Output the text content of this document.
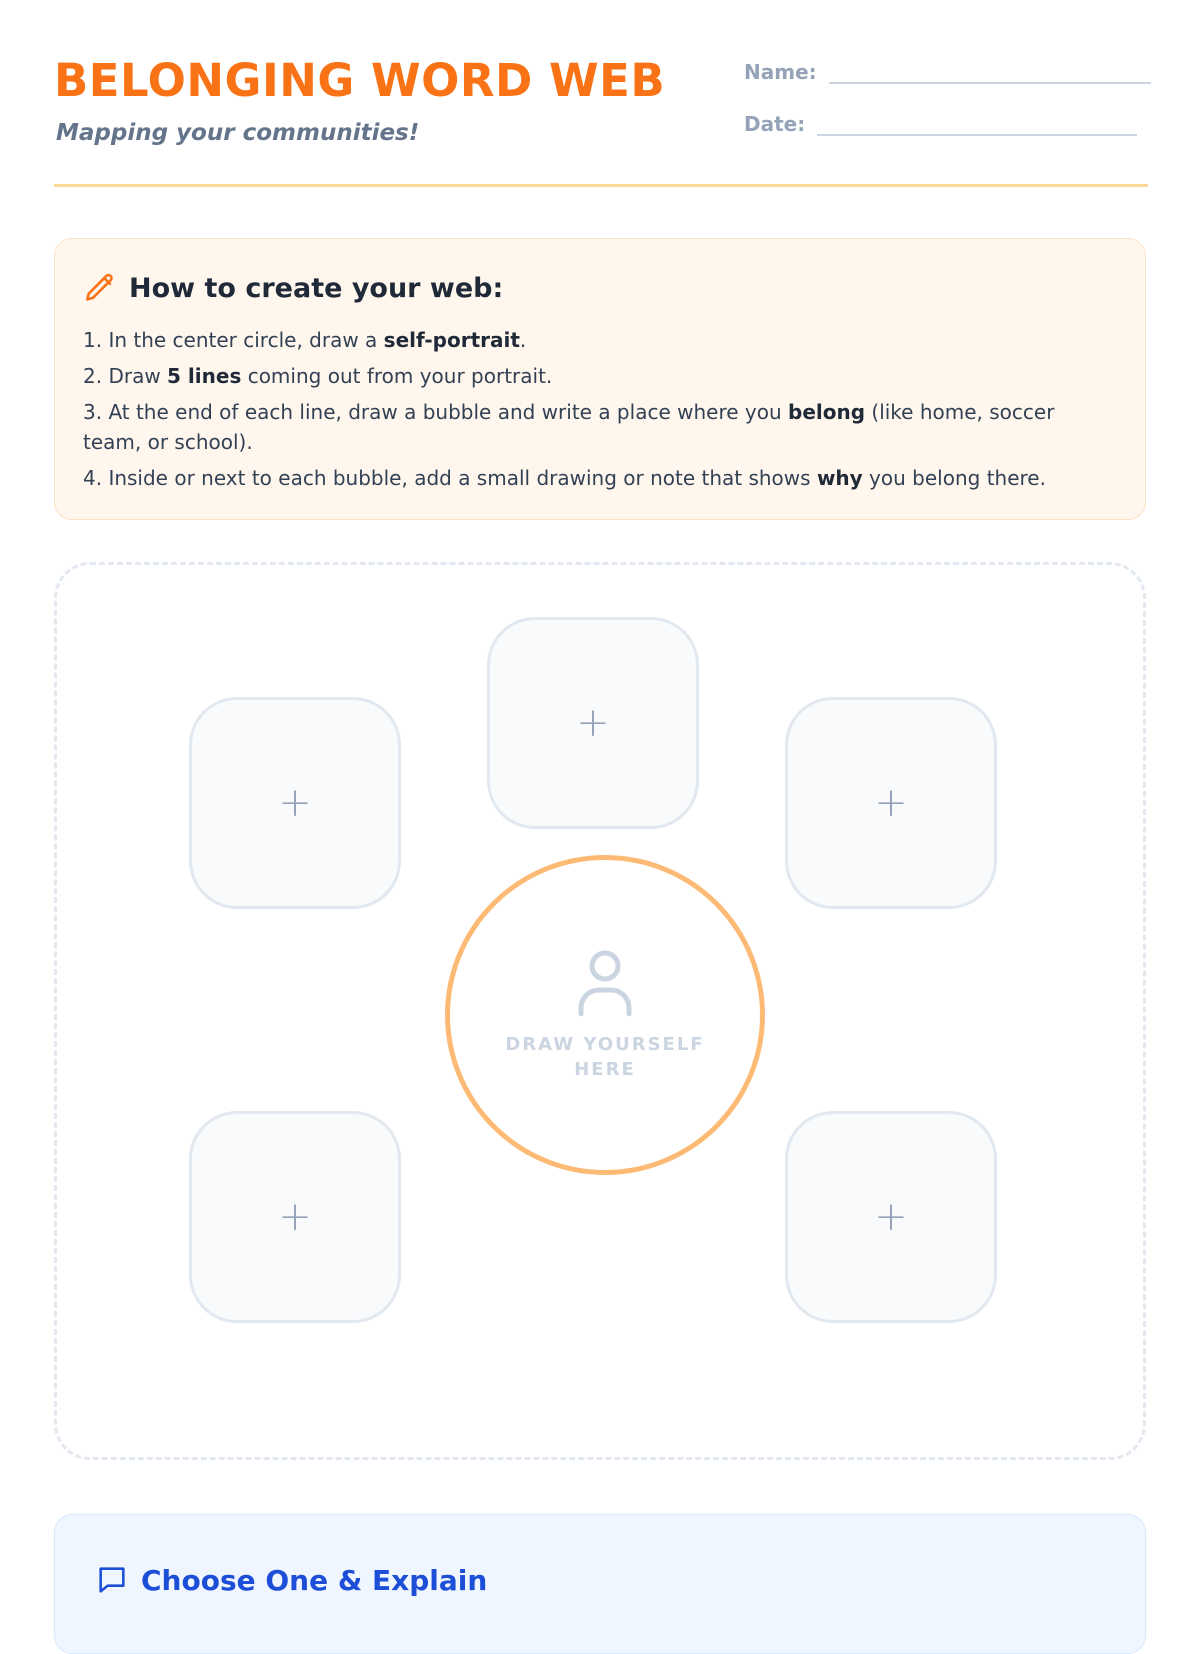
BELONGING WORD WEB

Mapping your communities!

Name:
Date:
How to create your web:
1. In the center circle, draw a self-portrait.
2. Draw 5 lines coming out from your portrait.
3. At the end of each line, draw a bubble and write a place where you belong (like home, soccer team, or school).
4. Inside or next to each bubble, add a small drawing or note that shows why you belong there.
+
+	+
+	+
DRAW YOURSELF HERE
Choose One & Explain
